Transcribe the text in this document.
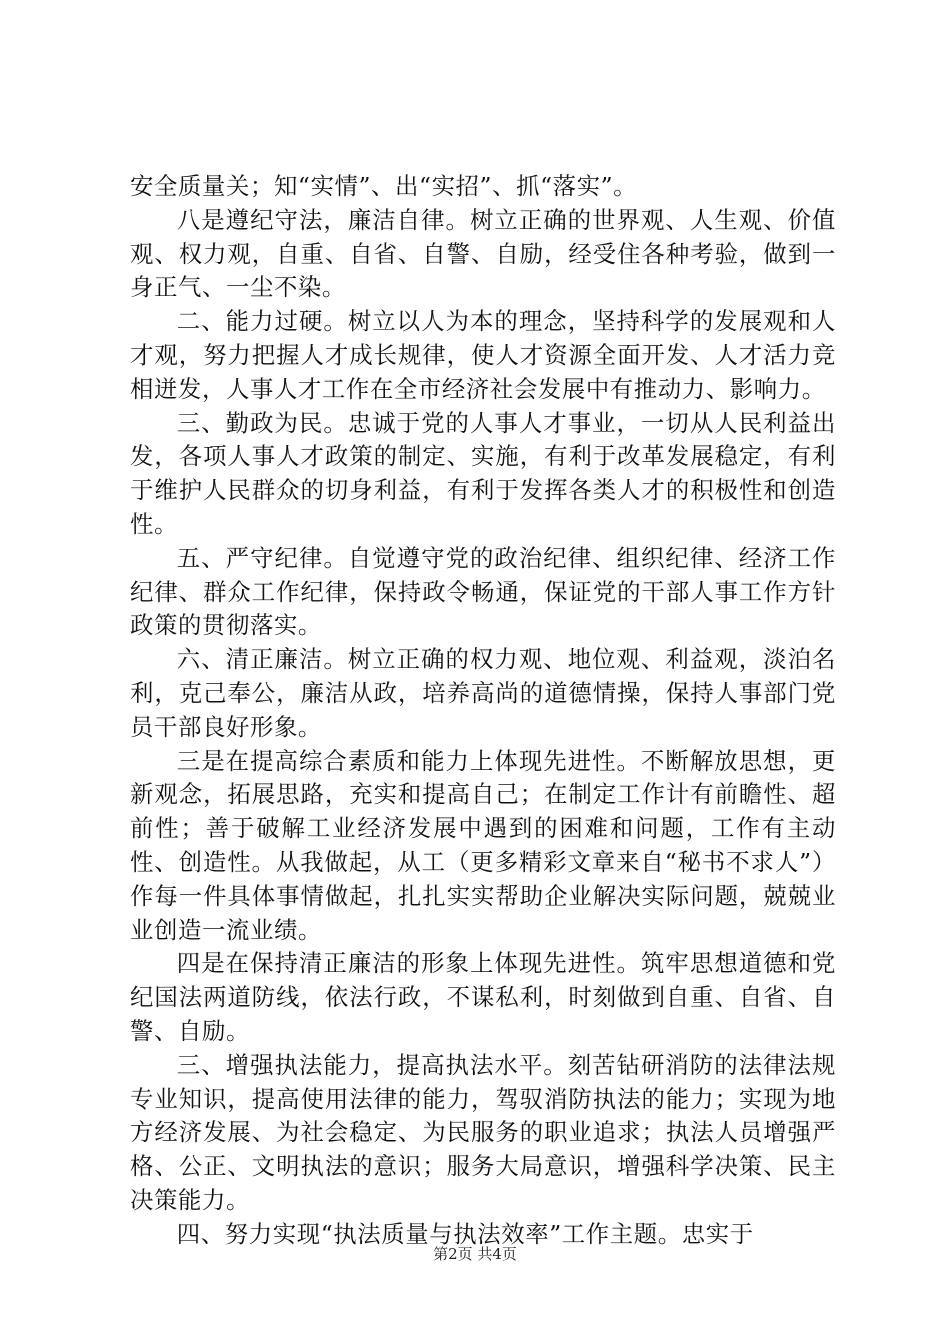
安全质量关；知“实情”、出“实招”、抓“落实”。

八是遵纪守法，廉洁自律。树立正确的世界观、人生观、价值观、权力观，自重、自省、自警、自励，经受住各种考验，做到一身正气、一尘不染。

二、能力过硬。树立以人为本的理念，坚持科学的发展观和人才观，努力把握人才成长规律，使人才资源全面开发、人才活力竞相迸发，人事人才工作在全市经济社会发展中有推动力、影响力。

三、勤政为民。忠诚于党的人事人才事业，一切从人民利益出发，各项人事人才政策的制定、实施，有利于改革发展稳定，有利于维护人民群众的切身利益，有利于发挥各类人才的积极性和创造性。

五、严守纪律。自觉遵守党的政治纪律、组织纪律、经济工作纪律、群众工作纪律，保持政令畅通，保证党的干部人事工作方针政策的贯彻落实。

六、清正廉洁。树立正确的权力观、地位观、利益观，淡泊名利，克己奉公，廉洁从政，培养高尚的道德情操，保持人事部门党员干部良好形象。

三是在提高综合素质和能力上体现先进性。不断解放思想，更新观念，拓展思路，充实和提高自己；在制定工作计有前瞻性、超前性；善于破解工业经济发展中遇到的困难和问题，工作有主动性、创造性。从我做起，从工（更多精彩文章来自“秘书不求人”）作每一件具体事情做起，扎扎实实帮助企业解决实际问题，兢兢业业创造一流业绩。

四是在保持清正廉洁的形象上体现先进性。筑牢思想道德和党纪国法两道防线，依法行政，不谋私利，时刻做到自重、自省、自警、自励。

三、增强执法能力，提高执法水平。刻苦钻研消防的法律法规专业知识，提高使用法律的能力，驾驭消防执法的能力；实现为地方经济发展、为社会稳定、为民服务的职业追求；执法人员增强严格、公正、文明执法的意识；服务大局意识，增强科学决策、民主决策能力。

四、努力实现“执法质量与执法效率”工作主题。忠实于

第2页 共4页
